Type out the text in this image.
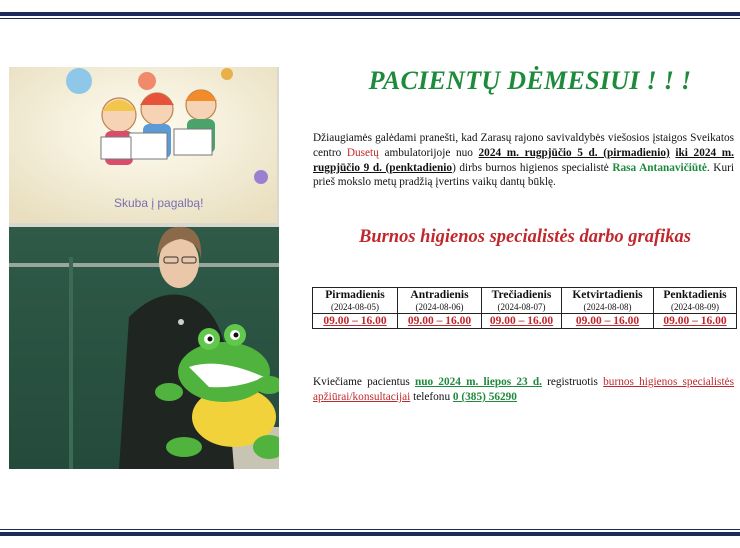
Skuba į pagalbą!
PACIENTŲ DĖMESIUI ! ! !
Džiaugiamės galėdami pranešti, kad Zarasų rajono savivaldybės viešosios įstaigos Sveikatos centro Dusetų ambulatorijoje nuo 2024 m. rugpjūčio 5 d. (pirmadienio) iki 2024 m. rugpjūčio 9 d. (penktadienio) dirbs burnos higienos specialistė Rasa Antanavičiūtė. Kuri prieš mokslo metų pradžią įvertins vaikų dantų būklę.
Burnos higienos specialistės darbo grafikas
Pirmadienis	Antradienis	Trečiadienis	Ketvirtadienis	Penktadienis
(2024-08-05)	(2024-08-06)	(2024-08-07)	(2024-08-08)	(2024-08-09)
09.00 – 16.00	09.00 – 16.00	09.00 – 16.00	09.00 – 16.00	09.00 – 16.00
Kviečiame pacientus nuo 2024 m. liepos 23 d. registruotis burnos higienos specialistės apžiūrai/konsultacijai telefonu 0 (385) 56290
